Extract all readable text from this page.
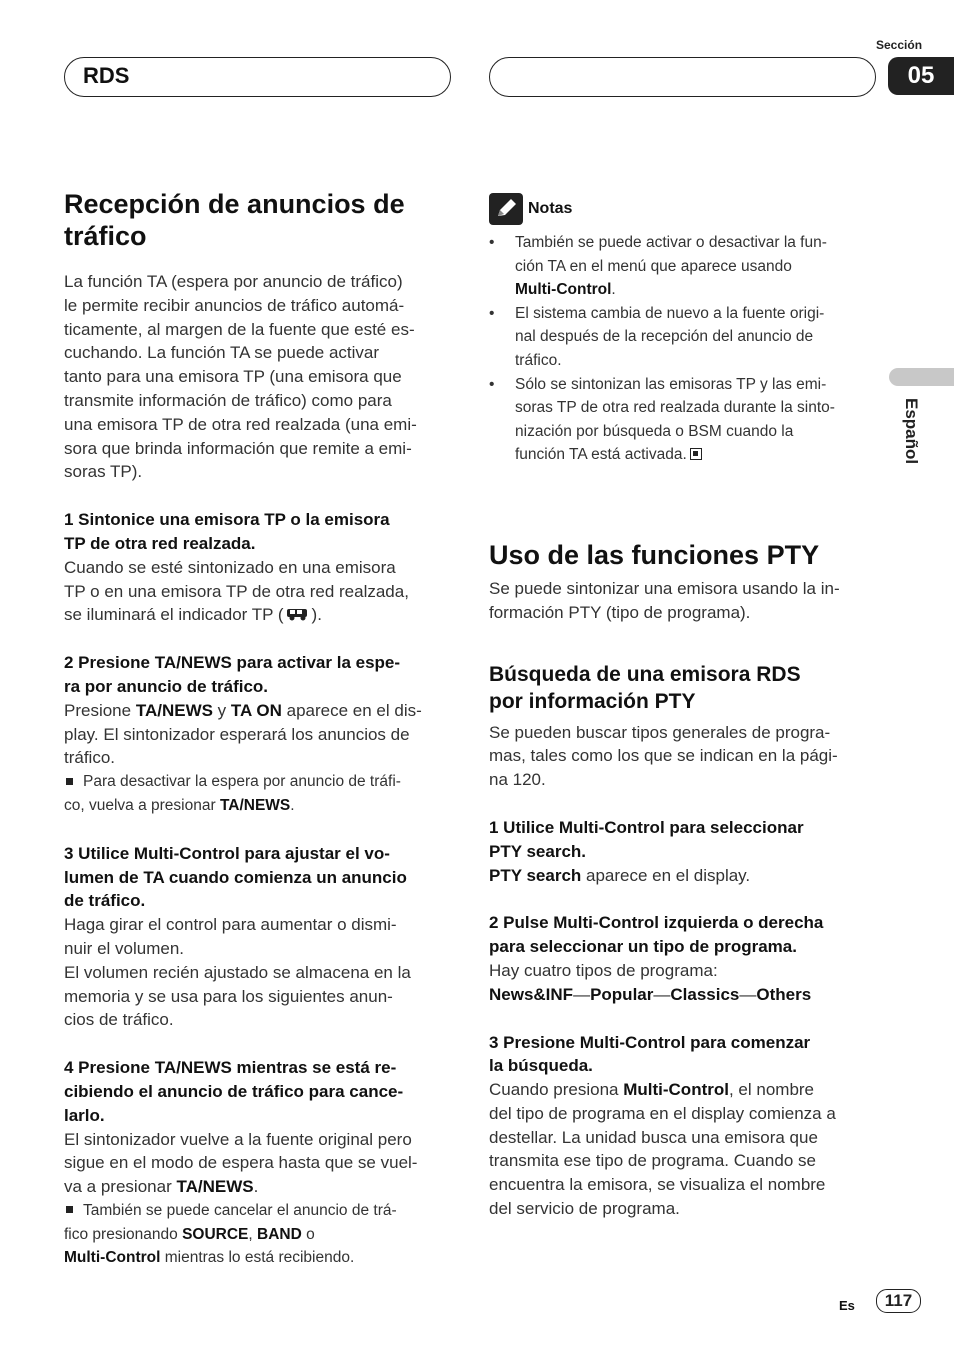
Sección
RDS	05
Español
Recepción de anuncios de tráfico
La función TA (espera por anuncio de tráfico)
le permite recibir anuncios de tráfico automá-
ticamente, al margen de la fuente que esté es-
cuchando. La función TA se puede activar
tanto para una emisora TP (una emisora que
transmite información de tráfico) como para
una emisora TP de otra red realzada (una emi-
sora que brinda información que remite a emi-
soras TP).
1 Sintonice una emisora TP o la emisora
TP de otra red realzada.
Cuando se esté sintonizado en una emisora
TP o en una emisora TP de otra red realzada,
se iluminará el indicador TP ( ).
2 Presione TA/NEWS para activar la espe-
ra por anuncio de tráfico.
Presione TA/NEWS y TA ON aparece en el dis-
play. El sintonizador esperará los anuncios de
tráfico.
Para desactivar la espera por anuncio de tráfi-
co, vuelva a presionar TA/NEWS.
3 Utilice Multi-Control para ajustar el vo-
lumen de TA cuando comienza un anuncio
de tráfico.
Haga girar el control para aumentar o dismi-
nuir el volumen.
El volumen recién ajustado se almacena en la
memoria y se usa para los siguientes anun-
cios de tráfico.
4 Presione TA/NEWS mientras se está re-
cibiendo el anuncio de tráfico para cance-
larlo.
El sintonizador vuelve a la fuente original pero
sigue en el modo de espera hasta que se vuel-
va a presionar TA/NEWS.
También se puede cancelar el anuncio de trá-
fico presionando SOURCE, BAND o
Multi-Control mientras lo está recibiendo.
Notas
•	También se puede activar o desactivar la fun-
ción TA en el menú que aparece usando
Multi-Control.
•	El sistema cambia de nuevo a la fuente origi-
nal después de la recepción del anuncio de
tráfico.
•	Sólo se sintonizan las emisoras TP y las emi-
soras TP de otra red realzada durante la sinto-
nización por búsqueda o BSM cuando la
función TA está activada.
Uso de las funciones PTY
Se puede sintonizar una emisora usando la in-
formación PTY (tipo de programa).
Búsqueda de una emisora RDS
por información PTY
Se pueden buscar tipos generales de progra-
mas, tales como los que se indican en la pági-
na 120.
1 Utilice Multi-Control para seleccionar
PTY search.
PTY search aparece en el display.
2 Pulse Multi-Control izquierda o derecha
para seleccionar un tipo de programa.
Hay cuatro tipos de programa:
News&INF—Popular—Classics—Others
3 Presione Multi-Control para comenzar
la búsqueda.
Cuando presiona Multi-Control, el nombre
del tipo de programa en el display comienza a
destellar. La unidad busca una emisora que
transmita ese tipo de programa. Cuando se
encuentra la emisora, se visualiza el nombre
del servicio de programa.
Es	117
